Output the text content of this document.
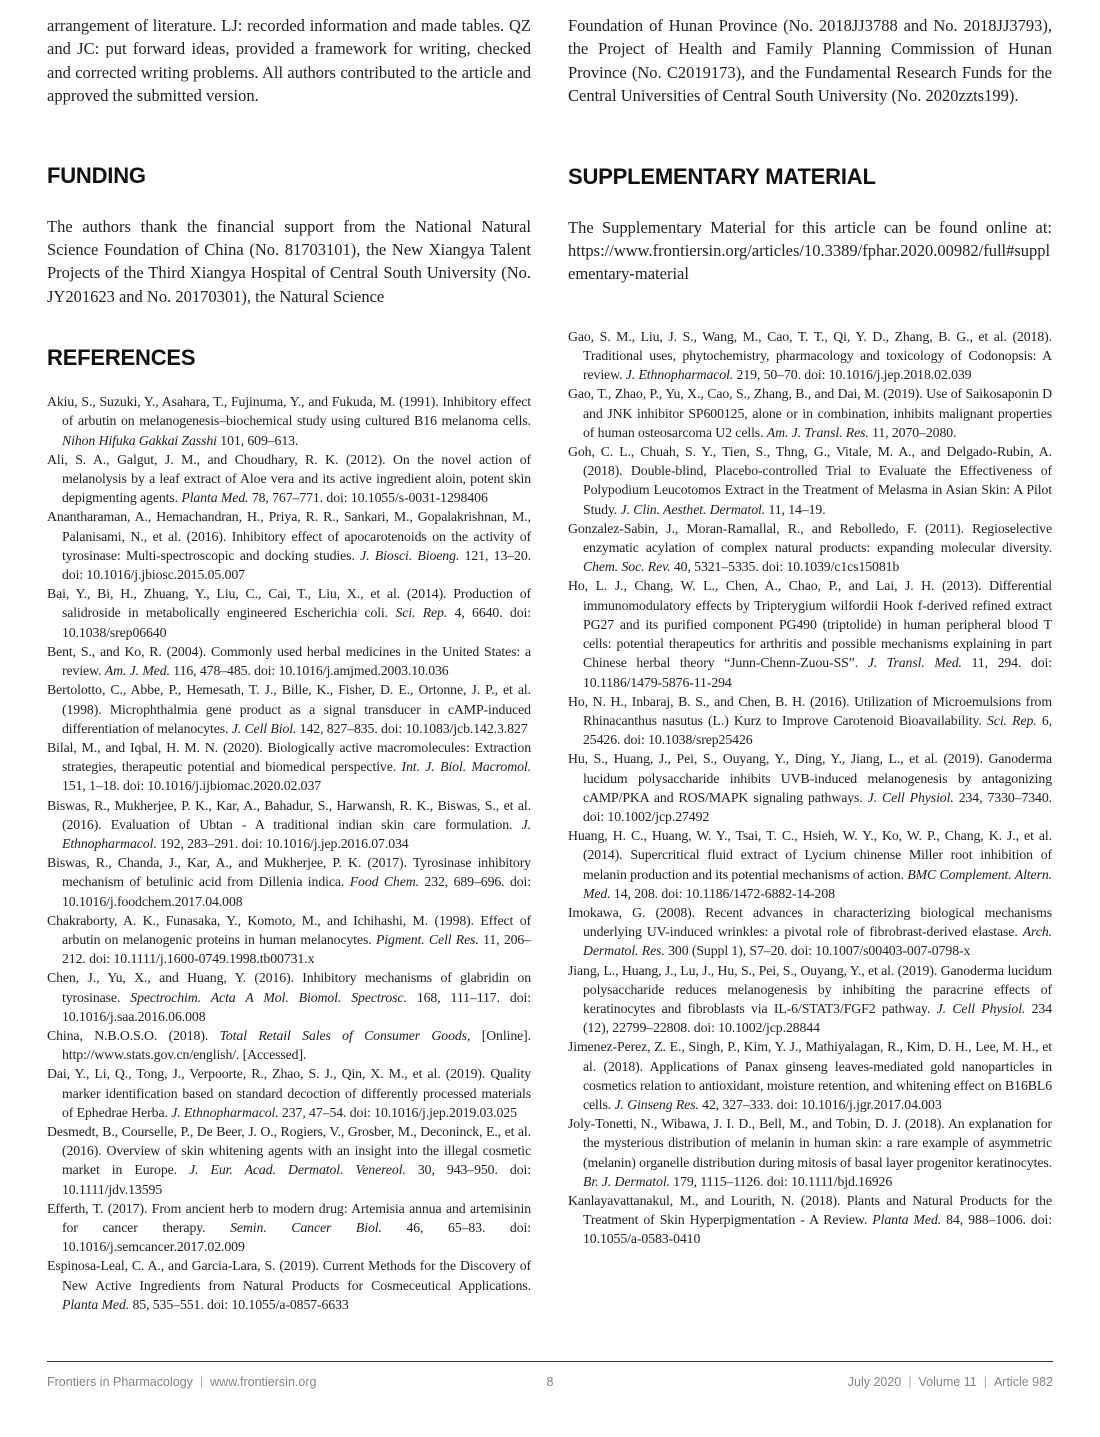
arrangement of literature. LJ: recorded information and made tables. QZ and JC: put forward ideas, provided a framework for writing, checked and corrected writing problems. All authors contributed to the article and approved the submitted version.

FUNDING

The authors thank the financial support from the National Natural Science Foundation of China (No. 81703101), the New Xiangya Talent Projects of the Third Xiangya Hospital of Central South University (No. JY201623 and No. 20170301), the Natural Science

REFERENCES

Akiu, S., Suzuki, Y., Asahara, T., Fujinuma, Y., and Fukuda, M. (1991). Inhibitory effect of arbutin on melanogenesis–biochemical study using cultured B16 melanoma cells. Nihon Hifuka Gakkai Zasshi 101, 609–613.

Ali, S. A., Galgut, J. M., and Choudhary, R. K. (2012). On the novel action of melanolysis by a leaf extract of Aloe vera and its active ingredient aloin, potent skin depigmenting agents. Planta Med. 78, 767–771. doi: 10.1055/s-0031-1298406

Anantharaman, A., Hemachandran, H., Priya, R. R., Sankari, M., Gopalakrishnan, M., Palanisami, N., et al. (2016). Inhibitory effect of apocarotenoids on the activity of tyrosinase: Multi-spectroscopic and docking studies. J. Biosci. Bioeng. 121, 13–20. doi: 10.1016/j.jbiosc.2015.05.007

Bai, Y., Bi, H., Zhuang, Y., Liu, C., Cai, T., Liu, X., et al. (2014). Production of salidroside in metabolically engineered Escherichia coli. Sci. Rep. 4, 6640. doi: 10.1038/srep06640

Bent, S., and Ko, R. (2004). Commonly used herbal medicines in the United States: a review. Am. J. Med. 116, 478–485. doi: 10.1016/j.amjmed.2003.10.036

Bertolotto, C., Abbe, P., Hemesath, T. J., Bille, K., Fisher, D. E., Ortonne, J. P., et al. (1998). Microphthalmia gene product as a signal transducer in cAMP-induced differentiation of melanocytes. J. Cell Biol. 142, 827–835. doi: 10.1083/jcb.142.3.827

Bilal, M., and Iqbal, H. M. N. (2020). Biologically active macromolecules: Extraction strategies, therapeutic potential and biomedical perspective. Int. J. Biol. Macromol. 151, 1–18. doi: 10.1016/j.ijbiomac.2020.02.037

Biswas, R., Mukherjee, P. K., Kar, A., Bahadur, S., Harwansh, R. K., Biswas, S., et al. (2016). Evaluation of Ubtan - A traditional indian skin care formulation. J. Ethnopharmacol. 192, 283–291. doi: 10.1016/j.jep.2016.07.034

Biswas, R., Chanda, J., Kar, A., and Mukherjee, P. K. (2017). Tyrosinase inhibitory mechanism of betulinic acid from Dillenia indica. Food Chem. 232, 689–696. doi: 10.1016/j.foodchem.2017.04.008

Chakraborty, A. K., Funasaka, Y., Komoto, M., and Ichihashi, M. (1998). Effect of arbutin on melanogenic proteins in human melanocytes. Pigment. Cell Res. 11, 206–212. doi: 10.1111/j.1600-0749.1998.tb00731.x

Chen, J., Yu, X., and Huang, Y. (2016). Inhibitory mechanisms of glabridin on tyrosinase. Spectrochim. Acta A Mol. Biomol. Spectrosc. 168, 111–117. doi: 10.1016/j.saa.2016.06.008

China, N.B.O.S.O. (2018). Total Retail Sales of Consumer Goods, [Online]. http://www.stats.gov.cn/english/. [Accessed].

Dai, Y., Li, Q., Tong, J., Verpoorte, R., Zhao, S. J., Qin, X. M., et al. (2019). Quality marker identification based on standard decoction of differently processed materials of Ephedrae Herba. J. Ethnopharmacol. 237, 47–54. doi: 10.1016/j.jep.2019.03.025

Desmedt, B., Courselle, P., De Beer, J. O., Rogiers, V., Grosber, M., Deconinck, E., et al. (2016). Overview of skin whitening agents with an insight into the illegal cosmetic market in Europe. J. Eur. Acad. Dermatol. Venereol. 30, 943–950. doi: 10.1111/jdv.13595

Efferth, T. (2017). From ancient herb to modern drug: Artemisia annua and artemisinin for cancer therapy. Semin. Cancer Biol. 46, 65–83. doi: 10.1016/j.semcancer.2017.02.009

Espinosa-Leal, C. A., and Garcia-Lara, S. (2019). Current Methods for the Discovery of New Active Ingredients from Natural Products for Cosmeceutical Applications. Planta Med. 85, 535–551. doi: 10.1055/a-0857-6633

Foundation of Hunan Province (No. 2018JJ3788 and No. 2018JJ3793), the Project of Health and Family Planning Commission of Hunan Province (No. C2019173), and the Fundamental Research Funds for the Central Universities of Central South University (No. 2020zzts199).

SUPPLEMENTARY MATERIAL

The Supplementary Material for this article can be found online at: https://www.frontiersin.org/articles/10.3389/fphar.2020.00982/full#supplementary-material

Gao, S. M., Liu, J. S., Wang, M., Cao, T. T., Qi, Y. D., Zhang, B. G., et al. (2018). Traditional uses, phytochemistry, pharmacology and toxicology of Codonopsis: A review. J. Ethnopharmacol. 219, 50–70. doi: 10.1016/j.jep.2018.02.039

Gao, T., Zhao, P., Yu, X., Cao, S., Zhang, B., and Dai, M. (2019). Use of Saikosaponin D and JNK inhibitor SP600125, alone or in combination, inhibits malignant properties of human osteosarcoma U2 cells. Am. J. Transl. Res. 11, 2070–2080.

Goh, C. L., Chuah, S. Y., Tien, S., Thng, G., Vitale, M. A., and Delgado-Rubin, A. (2018). Double-blind, Placebo-controlled Trial to Evaluate the Effectiveness of Polypodium Leucotomos Extract in the Treatment of Melasma in Asian Skin: A Pilot Study. J. Clin. Aesthet. Dermatol. 11, 14–19.

Gonzalez-Sabin, J., Moran-Ramallal, R., and Rebolledo, F. (2011). Regioselective enzymatic acylation of complex natural products: expanding molecular diversity. Chem. Soc. Rev. 40, 5321–5335. doi: 10.1039/c1cs15081b

Ho, L. J., Chang, W. L., Chen, A., Chao, P., and Lai, J. H. (2013). Differential immunomodulatory effects by Tripterygium wilfordii Hook f-derived refined extract PG27 and its purified component PG490 (triptolide) in human peripheral blood T cells: potential therapeutics for arthritis and possible mechanisms explaining in part Chinese herbal theory “Junn-Chenn-Zuou-SS”. J. Transl. Med. 11, 294. doi: 10.1186/1479-5876-11-294

Ho, N. H., Inbaraj, B. S., and Chen, B. H. (2016). Utilization of Microemulsions from Rhinacanthus nasutus (L.) Kurz to Improve Carotenoid Bioavailability. Sci. Rep. 6, 25426. doi: 10.1038/srep25426

Hu, S., Huang, J., Pei, S., Ouyang, Y., Ding, Y., Jiang, L., et al. (2019). Ganoderma lucidum polysaccharide inhibits UVB-induced melanogenesis by antagonizing cAMP/PKA and ROS/MAPK signaling pathways. J. Cell Physiol. 234, 7330–7340. doi: 10.1002/jcp.27492

Huang, H. C., Huang, W. Y., Tsai, T. C., Hsieh, W. Y., Ko, W. P., Chang, K. J., et al. (2014). Supercritical fluid extract of Lycium chinense Miller root inhibition of melanin production and its potential mechanisms of action. BMC Complement. Altern. Med. 14, 208. doi: 10.1186/1472-6882-14-208

Imokawa, G. (2008). Recent advances in characterizing biological mechanisms underlying UV-induced wrinkles: a pivotal role of fibrobrast-derived elastase. Arch. Dermatol. Res. 300 (Suppl 1), S7–20. doi: 10.1007/s00403-007-0798-x

Jiang, L., Huang, J., Lu, J., Hu, S., Pei, S., Ouyang, Y., et al. (2019). Ganoderma lucidum polysaccharide reduces melanogenesis by inhibiting the paracrine effects of keratinocytes and fibroblasts via IL-6/STAT3/FGF2 pathway. J. Cell Physiol. 234 (12), 22799–22808. doi: 10.1002/jcp.28844

Jimenez-Perez, Z. E., Singh, P., Kim, Y. J., Mathiyalagan, R., Kim, D. H., Lee, M. H., et al. (2018). Applications of Panax ginseng leaves-mediated gold nanoparticles in cosmetics relation to antioxidant, moisture retention, and whitening effect on B16BL6 cells. J. Ginseng Res. 42, 327–333. doi: 10.1016/j.jgr.2017.04.003

Joly-Tonetti, N., Wibawa, J. I. D., Bell, M., and Tobin, D. J. (2018). An explanation for the mysterious distribution of melanin in human skin: a rare example of asymmetric (melanin) organelle distribution during mitosis of basal layer progenitor keratinocytes. Br. J. Dermatol. 179, 1115–1126. doi: 10.1111/bjd.16926

Kanlayavattanakul, M., and Lourith, N. (2018). Plants and Natural Products for the Treatment of Skin Hyperpigmentation - A Review. Planta Med. 84, 988–1006. doi: 10.1055/a-0583-0410

Frontiers in Pharmacology | www.frontiersin.org	8	July 2020 | Volume 11 | Article 982
